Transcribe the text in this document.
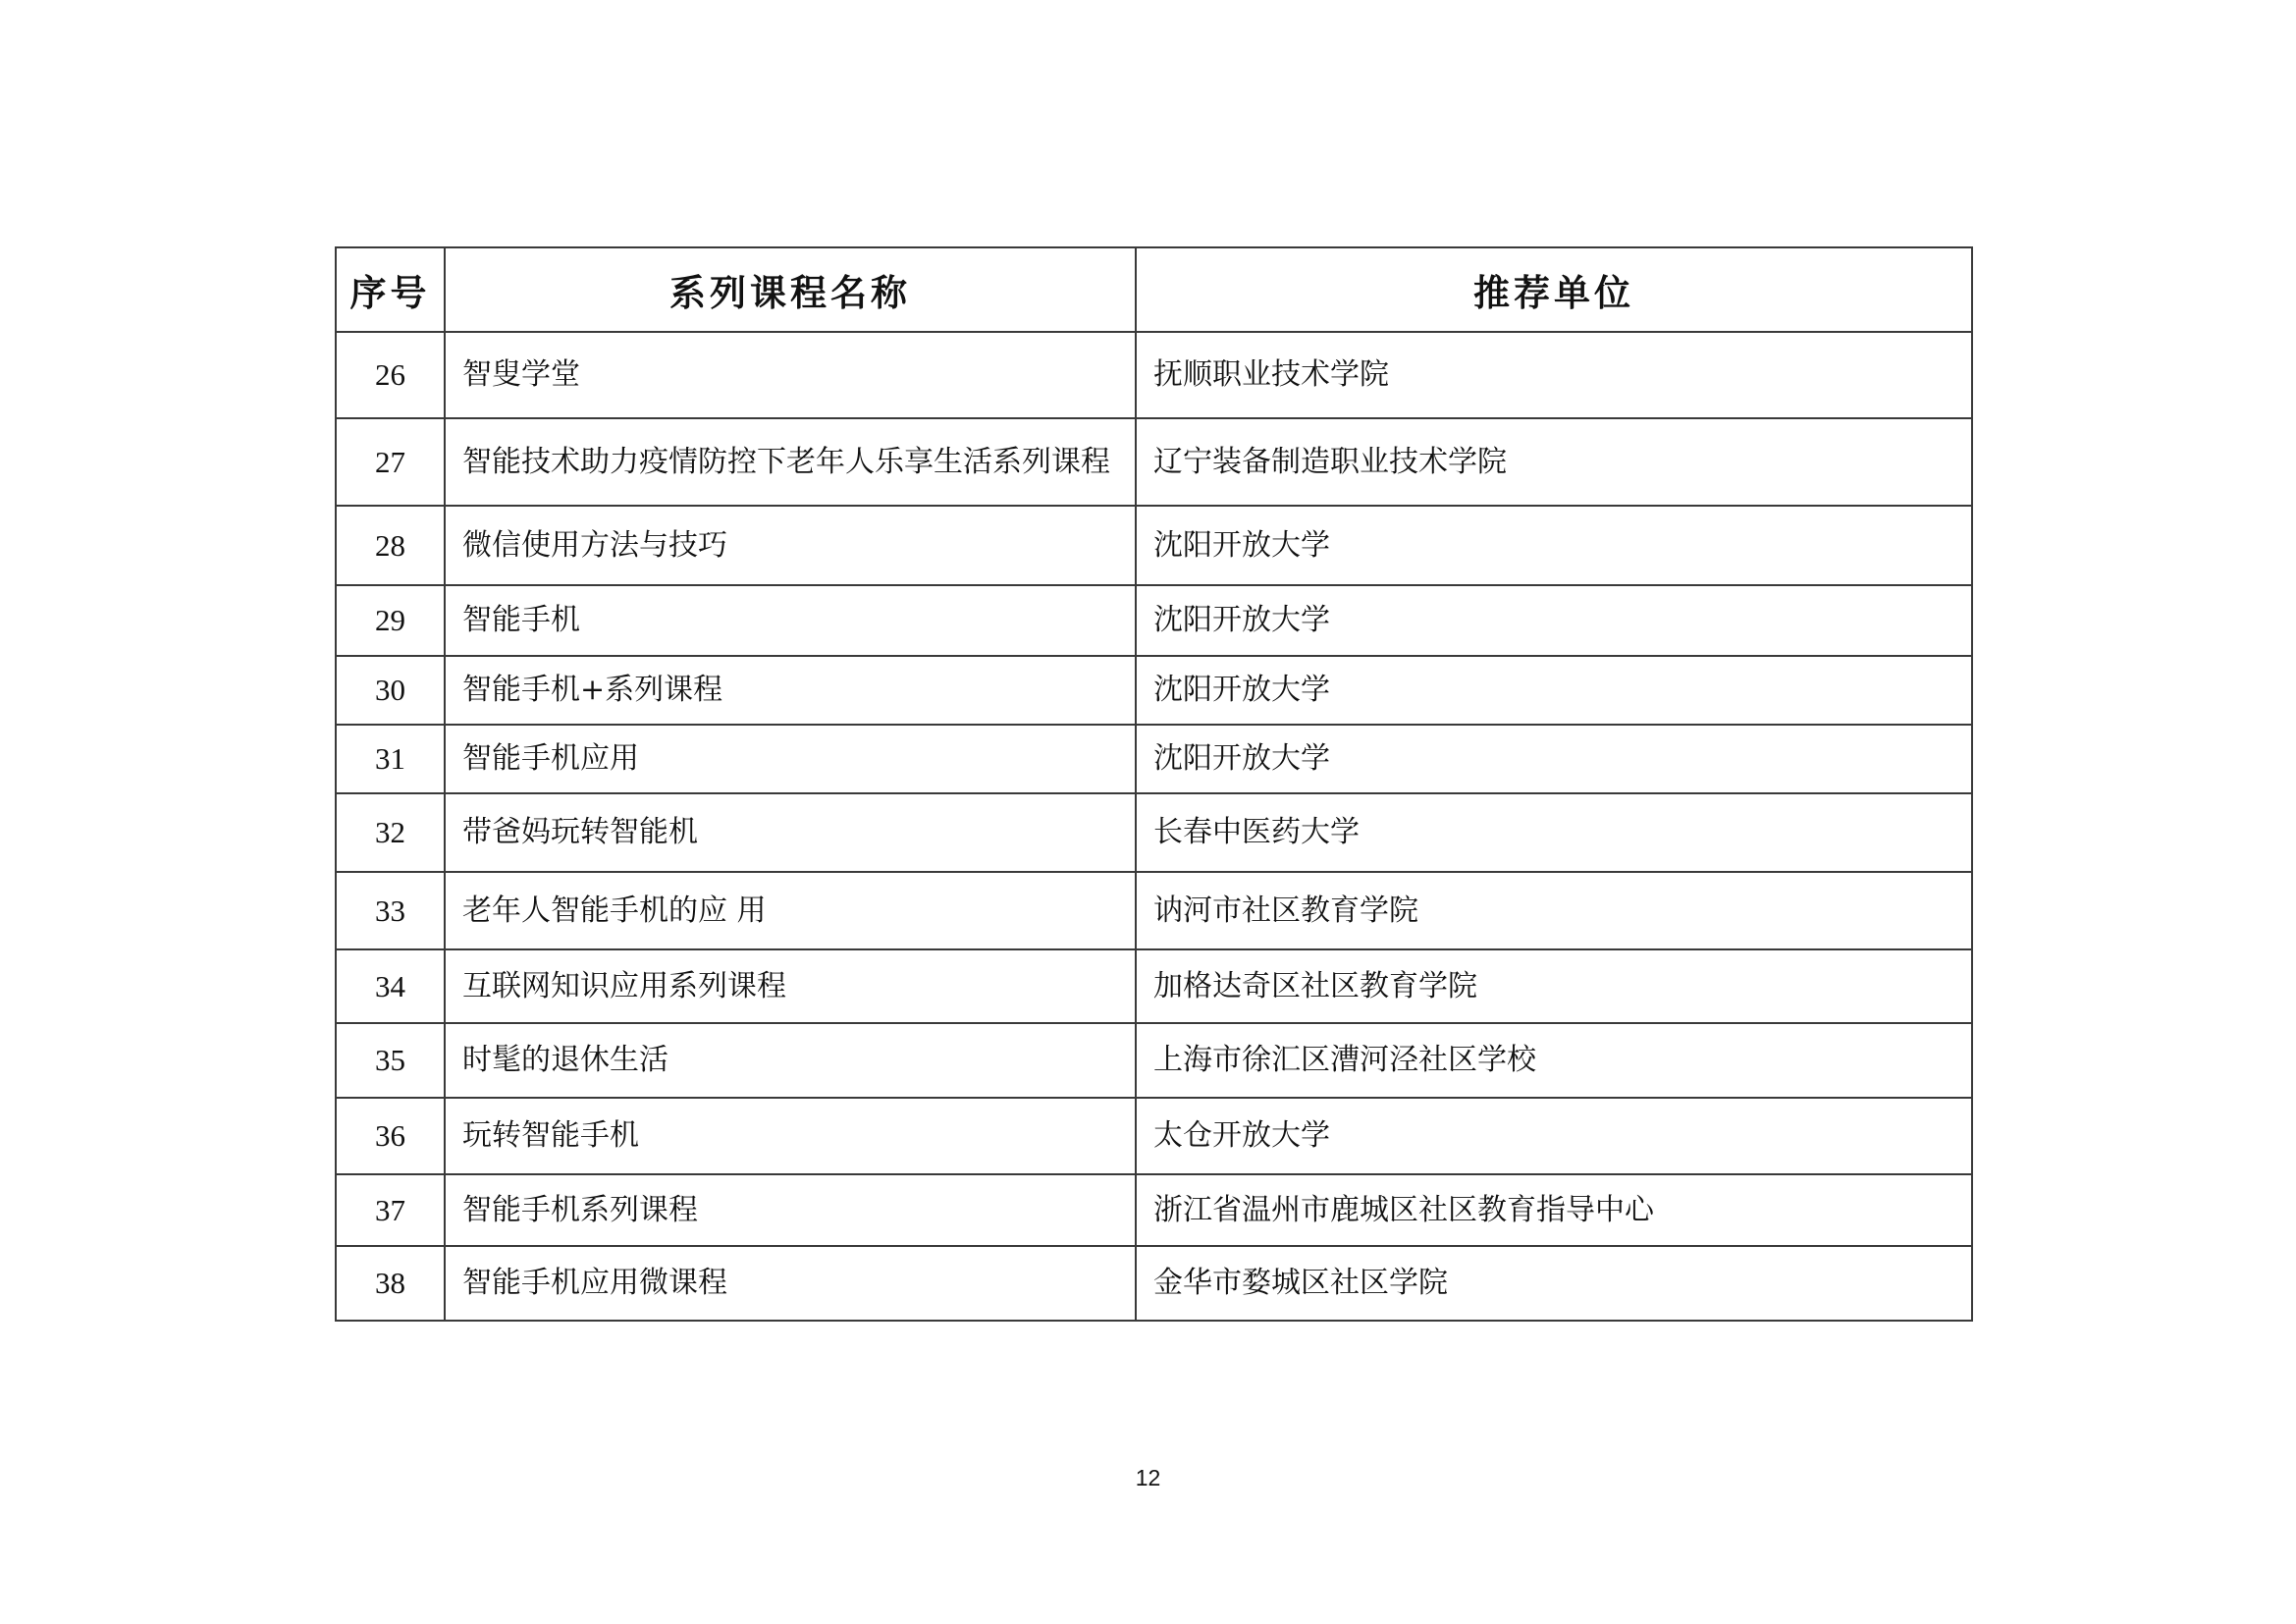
序号	系列课程名称	推荐单位
26	智叟学堂	抚顺职业技术学院
27	智能技术助力疫情防控下老年人乐享生活系列课程	辽宁装备制造职业技术学院
28	微信使用方法与技巧	沈阳开放大学
29	智能手机	沈阳开放大学
30	智能手机+系列课程	沈阳开放大学
31	智能手机应用	沈阳开放大学
32	带爸妈玩转智能机	长春中医药大学
33	老年人智能手机的应 用	讷河市社区教育学院
34	互联网知识应用系列课程	加格达奇区社区教育学院
35	时髦的退休生活	上海市徐汇区漕河泾社区学校
36	玩转智能手机	太仓开放大学
37	智能手机系列课程	浙江省温州市鹿城区社区教育指导中心
38	智能手机应用微课程	金华市婺城区社区学院
12
